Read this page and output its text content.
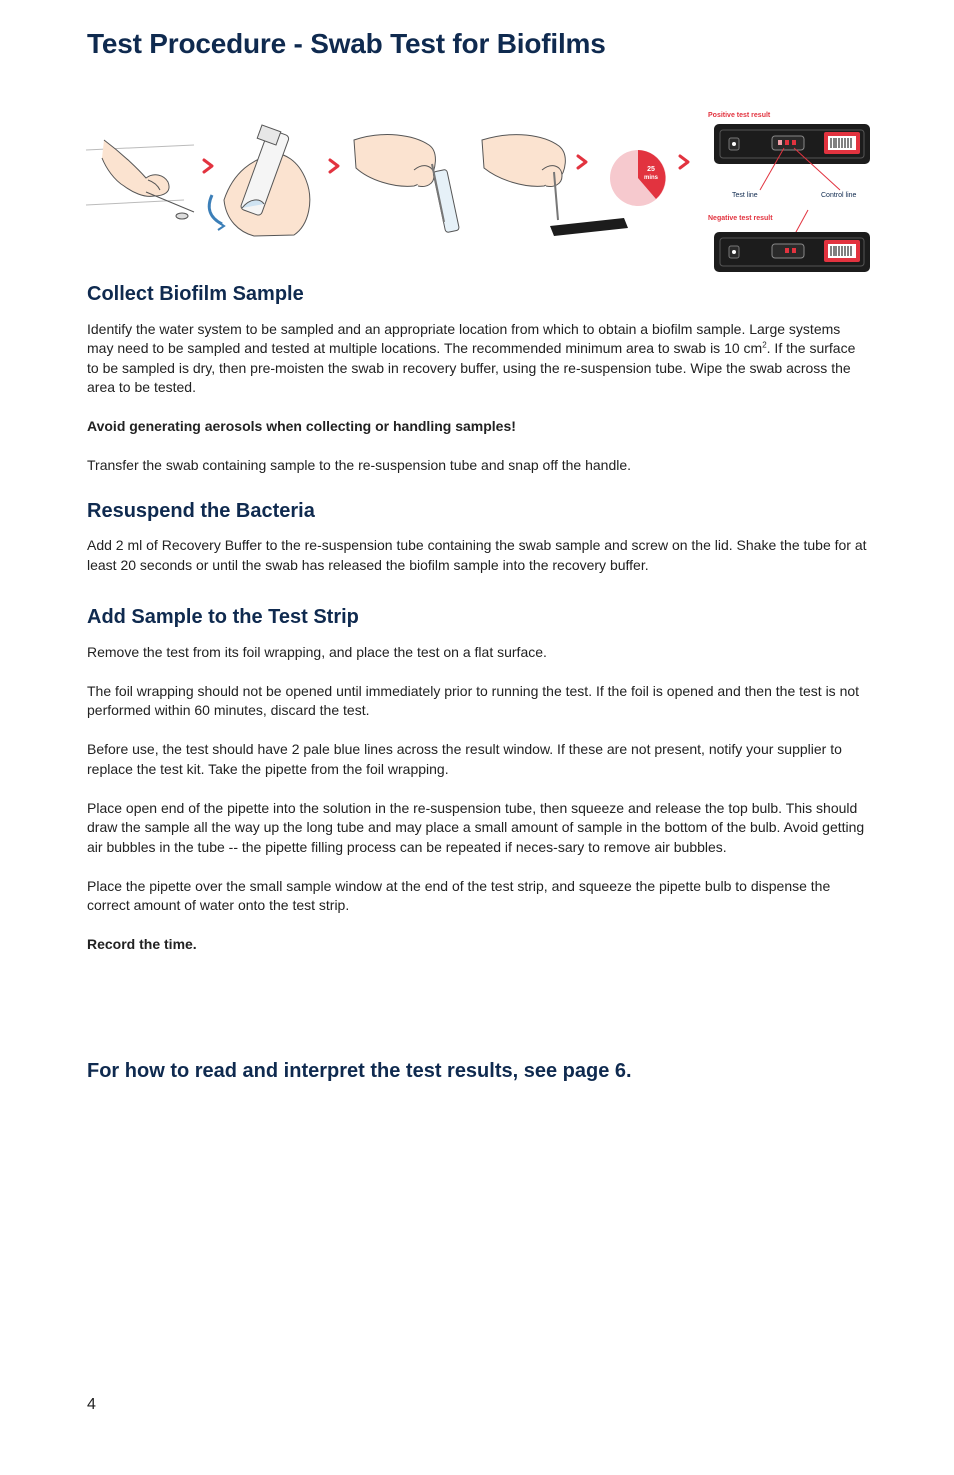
Test Procedure - Swab Test for Biofilms
25
mins
Positive test result
Test line	Control line
Negative test result
Collect Biofilm Sample

Identify the water system to be sampled and an appropriate location from which to obtain a biofilm sample. Large systems may need to be sampled and tested at multiple locations. The recommended minimum area to swab is 10 $cm^2$. If the surface to be sampled is dry, then pre-moisten the swab in recovery buffer, using the re-suspension tube. Wipe the swab across the area to be tested.

Avoid generating aerosols when collecting or handling samples!

Transfer the swab containing sample to the re-suspension tube and snap off the handle.

Resuspend the Bacteria

Add 2 ml of Recovery Buffer to the re-suspension tube containing the swab sample and screw on the lid. Shake the tube for at least 20 seconds or until the swab has released the biofilm sample into the recovery buffer.

Add Sample to the Test Strip

Remove the test from its foil wrapping, and place the test on a flat surface.

The foil wrapping should not be opened until immediately prior to running the test. If the foil is opened and then the test is not performed within 60 minutes, discard the test.

Before use, the test should have 2 pale blue lines across the result window. If these are not present, notify your supplier to replace the test kit. Take the pipette from the foil wrapping.

Place open end of the pipette into the solution in the re-suspension tube, then squeeze and release the top bulb. This should draw the sample all the way up the long tube and may place a small amount of sample in the bottom of the bulb. Avoid getting air bubbles in the tube -- the pipette filling process can be repeated if neces-sary to remove air bubbles.

Place the pipette over the small sample window at the end of the test strip, and squeeze the pipette bulb to dispense the correct amount of water onto the test strip.

Record the time.

For how to read and interpret the test results, see page 6.
4
